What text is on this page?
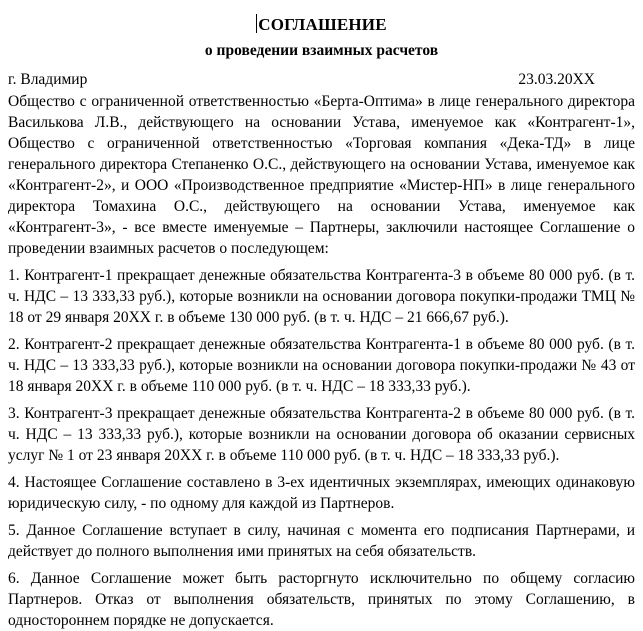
СОГЛАШЕНИЕ
о проведении взаимных расчетов
г. Владимир	23.03.20ХХ

Общество с ограниченной ответственностью «Берта-Оптима» в лице генерального директора Василькова Л.В., действующего на основании Устава, именуемое как «Контрагент-1», Общество с ограниченной ответственностью «Торговая компания «Дека-ТД» в лице генерального директора Степаненко О.С., действующего на основании Устава, именуемое как «Контрагент-2», и ООО «Производственное предприятие «Мистер-НП» в лице генерального директора Томахина О.С., действующего на основании Устава, именуемое как «Контрагент-3», - все вместе именуемые – Партнеры, заключили настоящее Соглашение о проведении взаимных расчетов о последующем:

1. Контрагент-1 прекращает денежные обязательства Контрагента-3 в объеме 80 000 руб. (в т. ч. НДС – 13 333,33 руб.), которые возникли на основании договора покупки-продажи ТМЦ № 18 от 29 января 20ХХ г. в объеме 130 000 руб. (в т. ч. НДС – 21 666,67 руб.).

2. Контрагент-2 прекращает денежные обязательства Контрагента-1 в объеме 80 000 руб. (в т. ч. НДС – 13 333,33 руб.), которые возникли на основании договора покупки-продажи № 43 от 18 января 20ХХ г. в объеме 110 000 руб. (в т. ч. НДС – 18 333,33 руб.).

3. Контрагент-3 прекращает денежные обязательства Контрагента-2 в объеме 80 000 руб. (в т. ч. НДС – 13 333,33 руб.), которые возникли на основании договора об оказании сервисных услуг № 1 от 23 января 20ХХ г. в объеме 110 000 руб. (в т. ч. НДС – 18 333,33 руб.).

4. Настоящее Соглашение составлено в 3-ех идентичных экземплярах, имеющих одинаковую юридическую силу, - по одному для каждой из Партнеров.

5. Данное Соглашение вступает в силу, начиная с момента его подписания Партнерами, и действует до полного выполнения ими принятых на себя обязательств.

6. Данное Соглашение может быть расторгнуто исключительно по общему согласию Партнеров. Отказ от выполнения обязательств, принятых по этому Соглашению, в одностороннем порядке не допускается.
